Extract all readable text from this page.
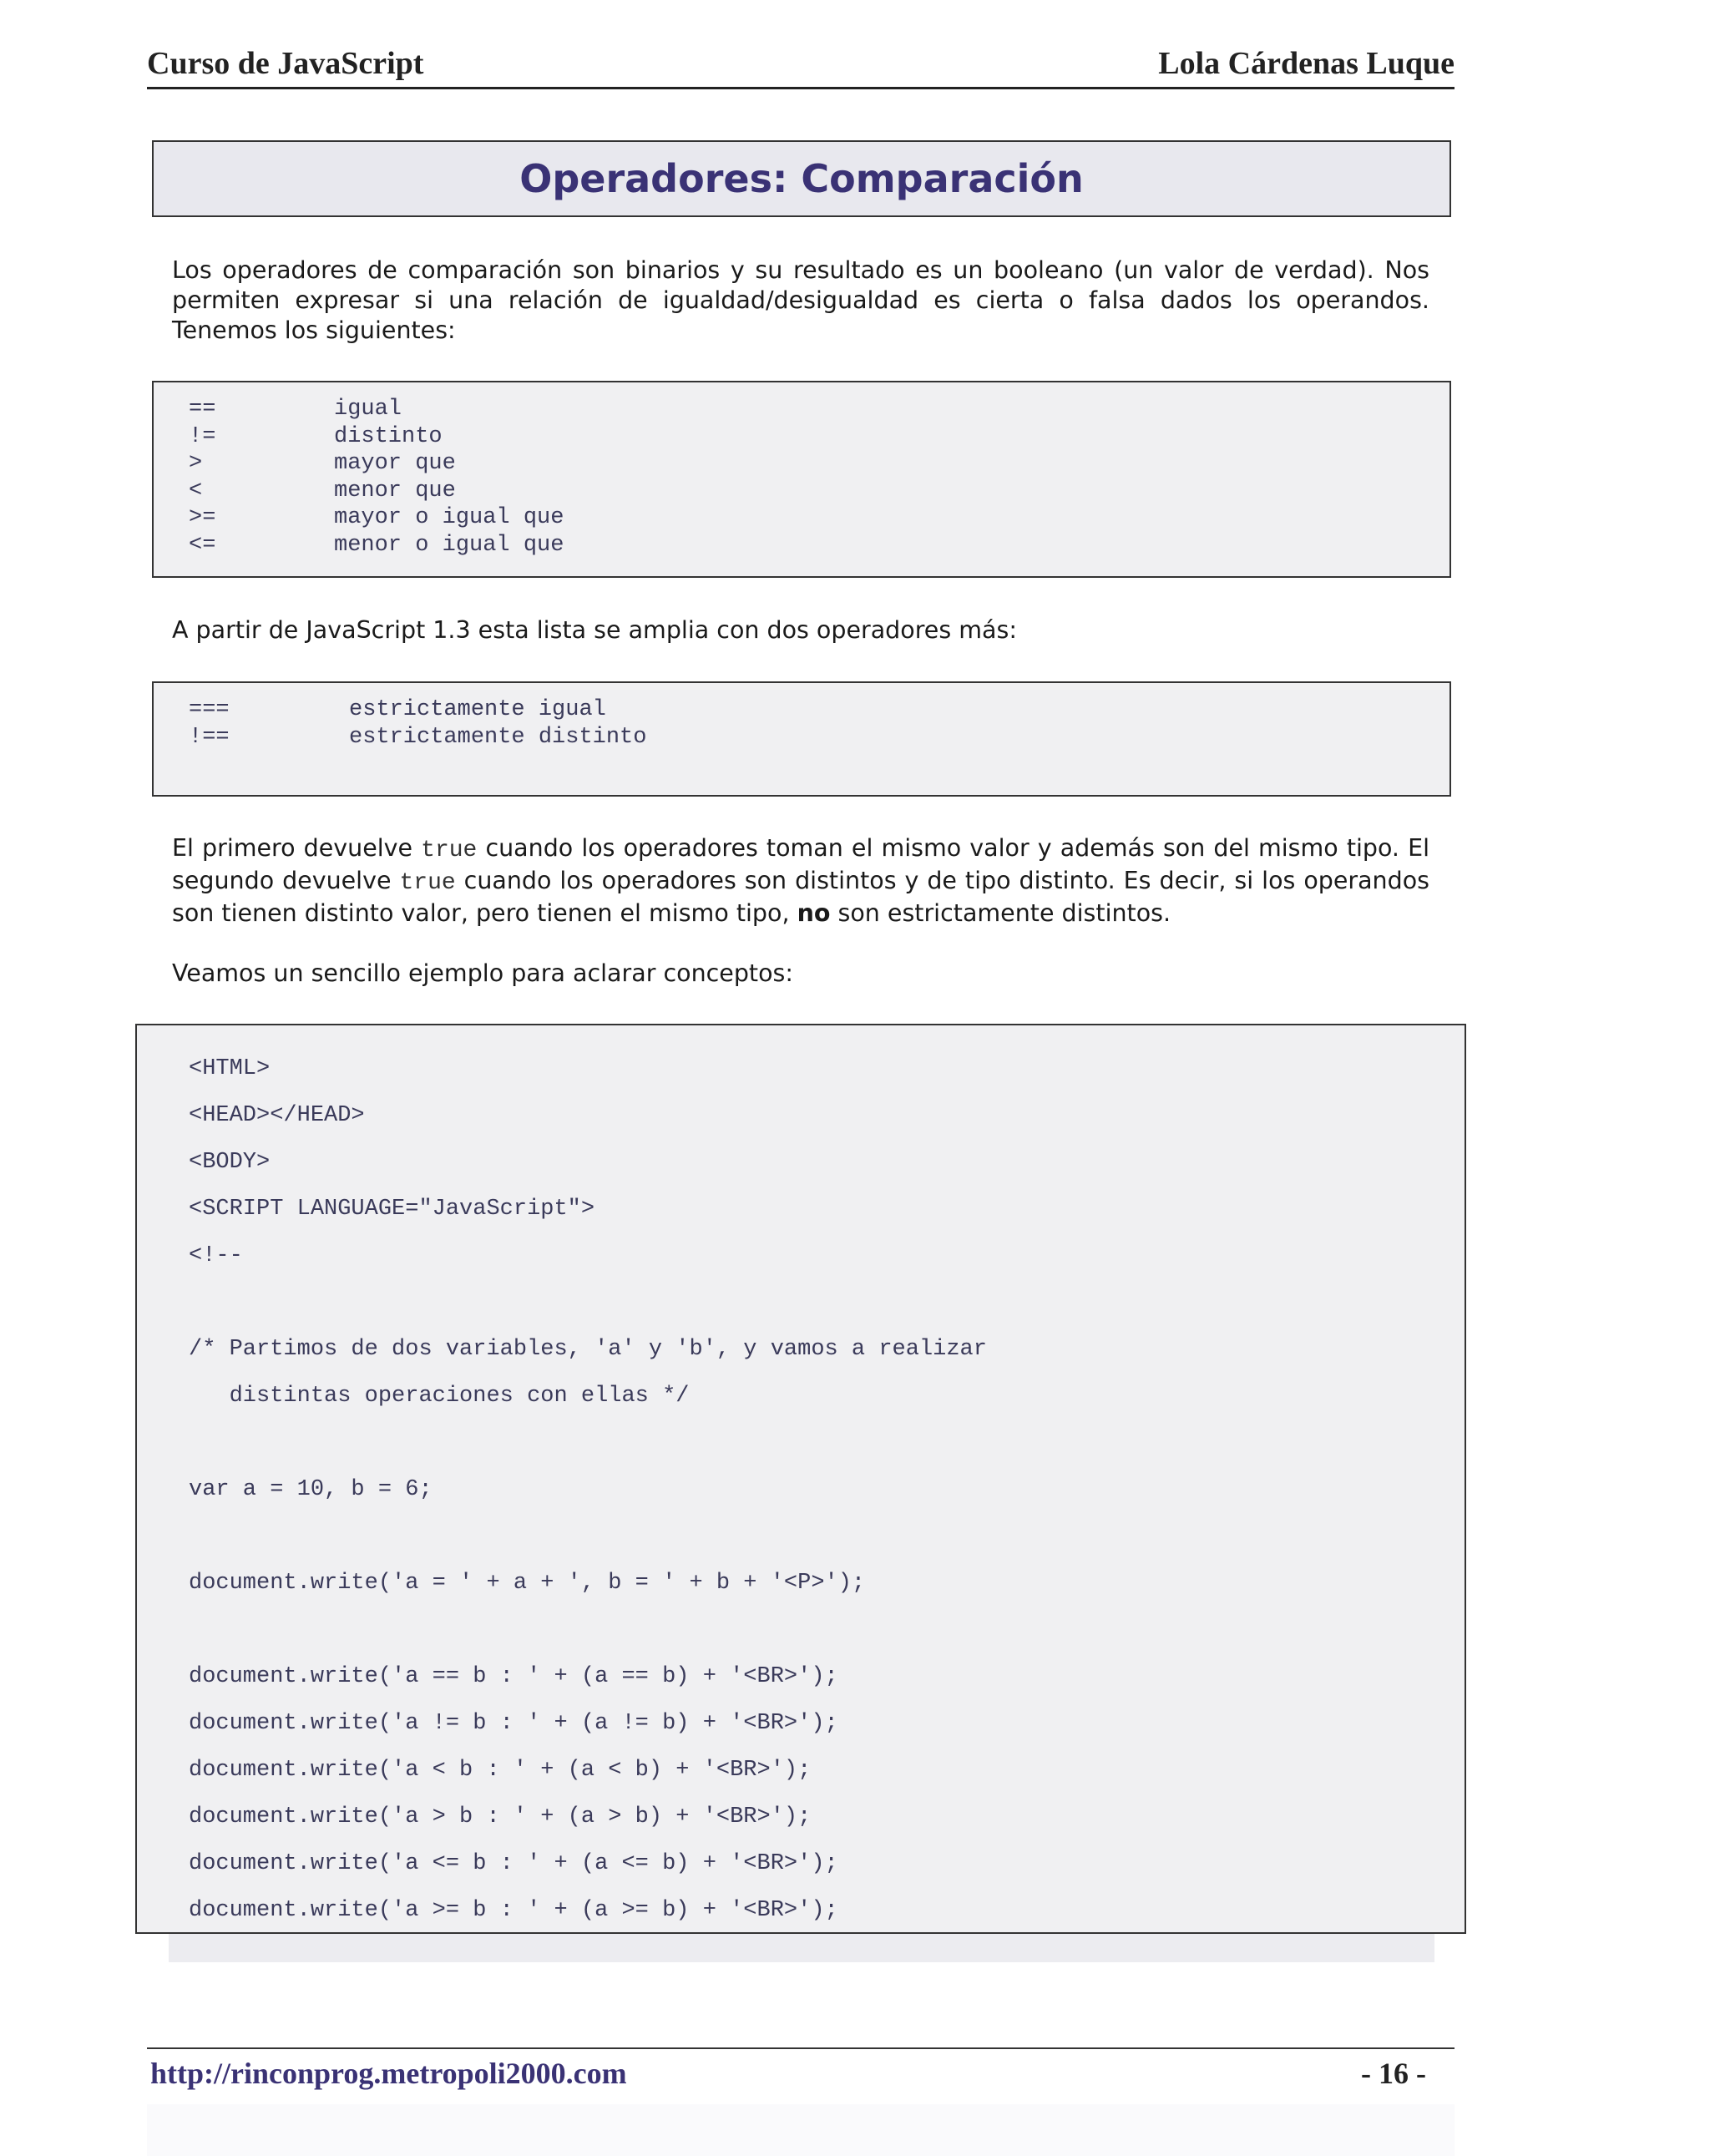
Curso de JavaScript	Lola Cárdenas Luque
Operadores: Comparación

Los operadores de comparación son binarios y su resultado es un booleano (un valor de verdad). Nos permiten expresar si una relación de igualdad/desigualdad es cierta o falsa dados los operandos. Tenemos los siguientes:

==	igual
!=	distinto
>	mayor que
<	menor que
>=	mayor o igual que
<=	menor o igual que

A partir de JavaScript 1.3 esta lista se amplia con dos operadores más:

===	estrictamente igual
!==	estrictamente distinto

El primero devuelve true cuando los operadores toman el mismo valor y además son del mismo tipo. El segundo devuelve true cuando los operadores son distintos y de tipo distinto. Es decir, si los operandos son tienen distinto valor, pero tienen el mismo tipo, no son estrictamente distintos.

Veamos un sencillo ejemplo para aclarar conceptos:

<HTML>
<HEAD></HEAD>
<BODY>
<SCRIPT LANGUAGE="JavaScript">
<!--
/* Partimos de dos variables, 'a' y 'b', y vamos a realizar
distintas operaciones con ellas */
var a = 10, b = 6;
document.write('a = ' + a + ', b = ' + b + '<P>');
document.write('a == b : ' + (a == b) + '<BR>');
document.write('a != b : ' + (a != b) + '<BR>');
document.write('a < b : ' + (a < b) + '<BR>');
document.write('a > b : ' + (a > b) + '<BR>');
document.write('a <= b : ' + (a <= b) + '<BR>');
document.write('a >= b : ' + (a >= b) + '<BR>');
http://rinconprog.metropoli2000.com	- 16 -
